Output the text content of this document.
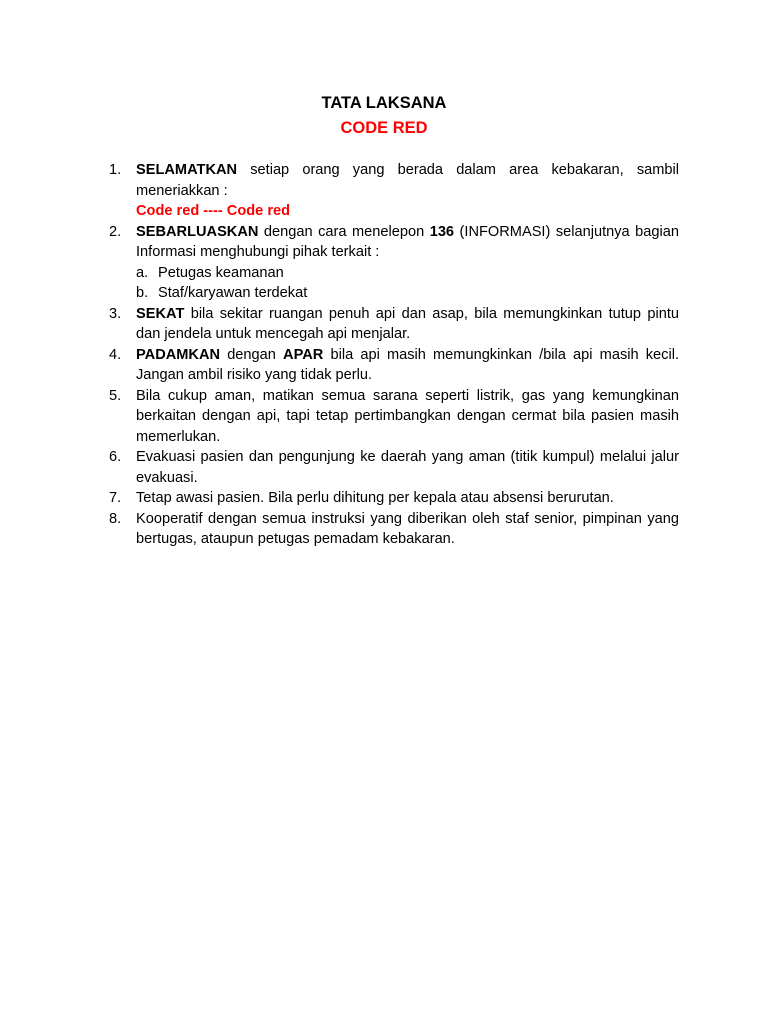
TATA LAKSANA
CODE RED
1. SELAMATKAN setiap orang yang berada dalam area kebakaran, sambil meneriakkan :
Code red ---- Code red
2. SEBARLUASKAN dengan cara menelepon 136 (INFORMASI) selanjutnya bagian Informasi menghubungi pihak terkait :
a. Petugas keamanan
b. Staf/karyawan terdekat
3. SEKAT bila sekitar ruangan penuh api dan asap, bila memungkinkan tutup pintu dan jendela untuk mencegah api menjalar.
4. PADAMKAN dengan APAR bila api masih memungkinkan /bila api masih kecil. Jangan ambil risiko yang tidak perlu.
5. Bila cukup aman, matikan semua sarana seperti listrik, gas yang kemungkinan berkaitan dengan api, tapi tetap pertimbangkan dengan cermat bila pasien masih memerlukan.
6. Evakuasi pasien dan pengunjung ke daerah yang aman (titik kumpul) melalui jalur evakuasi.
7. Tetap awasi pasien. Bila perlu dihitung per kepala atau absensi berurutan.
8. Kooperatif dengan semua instruksi yang diberikan oleh staf senior, pimpinan yang bertugas, ataupun petugas pemadam kebakaran.
